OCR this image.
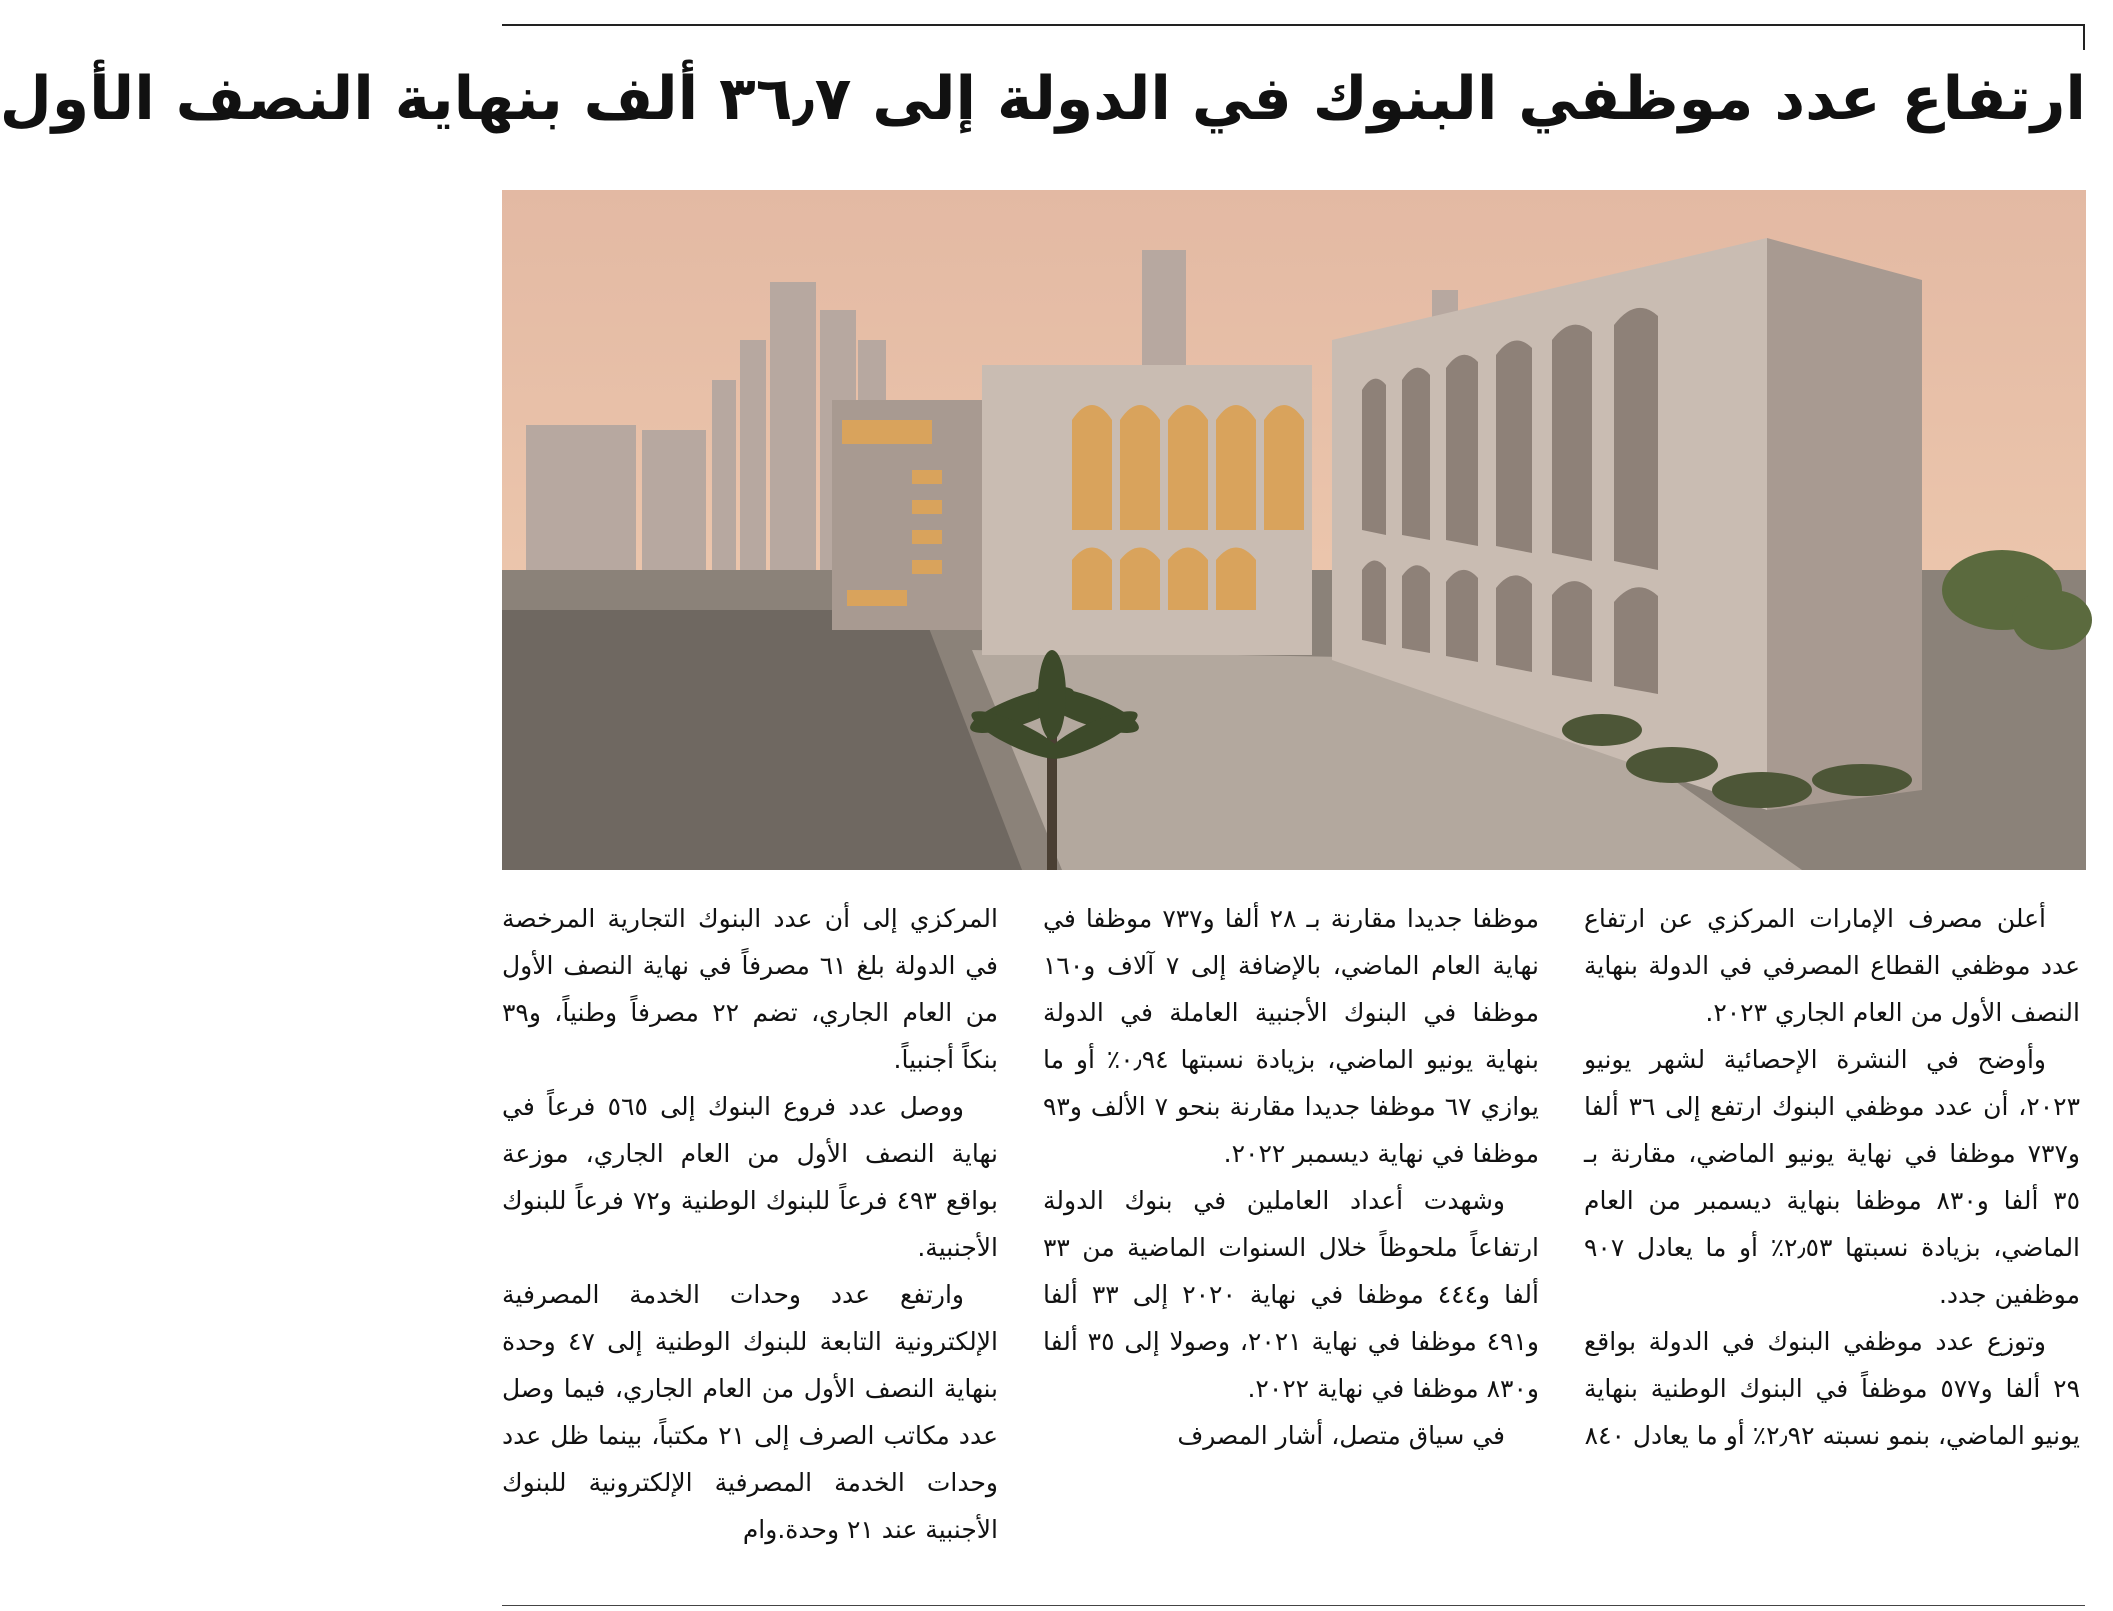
ارتفاع عدد موظفي البنوك في الدولة إلى ٣٦٫٧ ألف بنهاية النصف الأول

أعلن مصرف الإمارات المركزي عن ارتفاع عدد موظفي القطاع المصرفي في الدولة بنهاية النصف الأول من العام الجاري ٢٠٢٣.

وأوضح في النشرة الإحصائية لشهر يونيو ٢٠٢٣، أن عدد موظفي البنوك ارتفع إلى ٣٦ ألفا و٧٣٧ موظفا في نهاية يونيو الماضي، مقارنة بـ ٣٥ ألفا و٨٣٠ موظفا بنهاية ديسمبر من العام الماضي، بزيادة نسبتها ٢٫٥٣٪ أو ما يعادل ٩٠٧ موظفين جدد.

وتوزع عدد موظفي البنوك في الدولة بواقع ٢٩ ألفا و٥٧٧ موظفاً في البنوك الوطنية بنهاية يونيو الماضي، بنمو نسبته ٢٫٩٢٪ أو ما يعادل ٨٤٠

موظفا جديدا مقارنة بـ ٢٨ ألفا و٧٣٧ موظفا في نهاية العام الماضي، بالإضافة إلى ٧ آلاف و١٦٠ موظفا في البنوك الأجنبية العاملة في الدولة بنهاية يونيو الماضي، بزيادة نسبتها ٠٫٩٤٪ أو ما يوازي ٦٧ موظفا جديدا مقارنة بنحو ٧ الألف و٩٣ موظفا في نهاية ديسمبر ٢٠٢٢.

وشهدت أعداد العاملين في بنوك الدولة ارتفاعاً ملحوظاً خلال السنوات الماضية من ٣٣ ألفا و٤٤٤ موظفا في نهاية ٢٠٢٠ إلى ٣٣ ألفا و٤٩١ موظفا في نهاية ٢٠٢١، وصولا إلى ٣٥ ألفا و٨٣٠ موظفا في نهاية ٢٠٢٢.

في سياق متصل، أشار المصرف

المركزي إلى أن عدد البنوك التجارية المرخصة في الدولة بلغ ٦١ مصرفاً في نهاية النصف الأول من العام الجاري، تضم ٢٢ مصرفاً وطنياً، و٣٩ بنكاً أجنبياً.

ووصل عدد فروع البنوك إلى ٥٦٥ فرعاً في نهاية النصف الأول من العام الجاري، موزعة بواقع ٤٩٣ فرعاً للبنوك الوطنية و٧٢ فرعاً للبنوك الأجنبية.

وارتفع عدد وحدات الخدمة المصرفية الإلكترونية التابعة للبنوك الوطنية إلى ٤٧ وحدة بنهاية النصف الأول من العام الجاري، فيما وصل عدد مكاتب الصرف إلى ٢١ مكتباً، بينما ظل عدد وحدات الخدمة المصرفية الإلكترونية للبنوك الأجنبية عند ٢١ وحدة.وام
